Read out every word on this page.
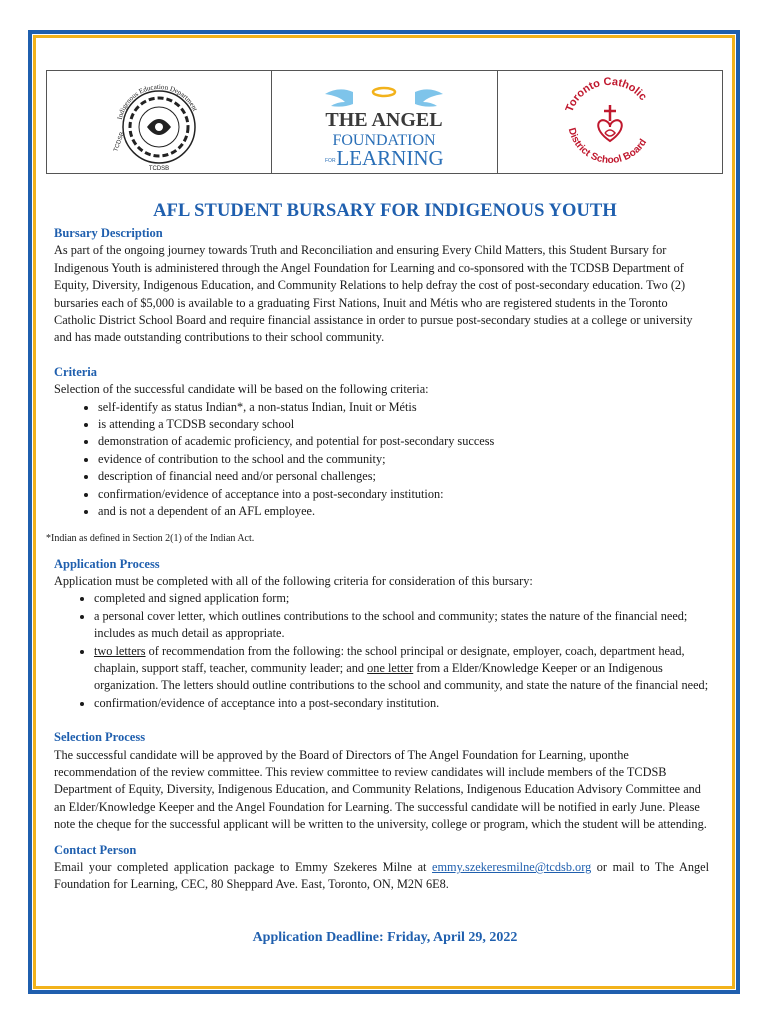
Indigenous Education Department
TCDSB
TCDSB
THE ANGEL
FOUNDATION
FOR LEARNING
Toronto Catholic
District School Board
AFL STUDENT BURSARY FOR INDIGENOUS YOUTH

Bursary Description

As part of the ongoing journey towards Truth and Reconciliation and ensuring Every Child Matters, this Student Bursary for Indigenous Youth is administered through the Angel Foundation for Learning and co-sponsored with the TCDSB Department of Equity, Diversity, Indigenous Education, and Community Relations to help defray the cost of post-secondary education. Two (2) bursaries each of $5,000 is available to a graduating First Nations, Inuit and Métis who are registered students in the Toronto Catholic District School Board and require financial assistance in order to pursue post-secondary studies at a college or university and has made outstanding contributions to their school community.

Criteria

Selection of the successful candidate will be based on the following criteria:

• self-identify as status Indian*, a non-status Indian, Inuit or Métis
• is attending a TCDSB secondary school
• demonstration of academic proficiency, and potential for post-secondary success
• evidence of contribution to the school and the community;
• description of financial need and/or personal challenges;
• confirmation/evidence of acceptance into a post-secondary institution:
• and is not a dependent of an AFL employee.

Application Process

Application must be completed with all of the following criteria for consideration of this bursary:

• completed and signed application form;
• a personal cover letter, which outlines contributions to the school and community; states the nature of the financial need; includes as much detail as appropriate.
• two letters of recommendation from the following: the school principal or designate, employer, coach, department head, chaplain, support staff, teacher, community leader; and one letter from a Elder/Knowledge Keeper or an Indigenous organization. The letters should outline contributions to the school and community, and state the nature of the financial need;
• confirmation/evidence of acceptance into a post-secondary institution.

Selection Process

The successful candidate will be approved by the Board of Directors of The Angel Foundation for Learning, uponthe recommendation of the review committee. This review committee to review candidates will include members of the TCDSB Department of Equity, Diversity, Indigenous Education, and Community Relations, Indigenous Education Advisory Committee and an Elder/Knowledge Keeper and the Angel Foundation for Learning. The successful candidate will be notified in early June. Please note the cheque for the successful applicant will be written to the university, college or program, which the student will be attending.

Contact Person

Email your completed application package to Emmy Szekeres Milne at emmy.szekeresmilne@tcdsb.org or mail to The Angel Foundation for Learning, CEC, 80 Sheppard Ave. East, Toronto, ON, M2N 6E8.

*Indian as defined in Section 2(1) of the Indian Act.
Application Deadline: Friday, April 29, 2022
